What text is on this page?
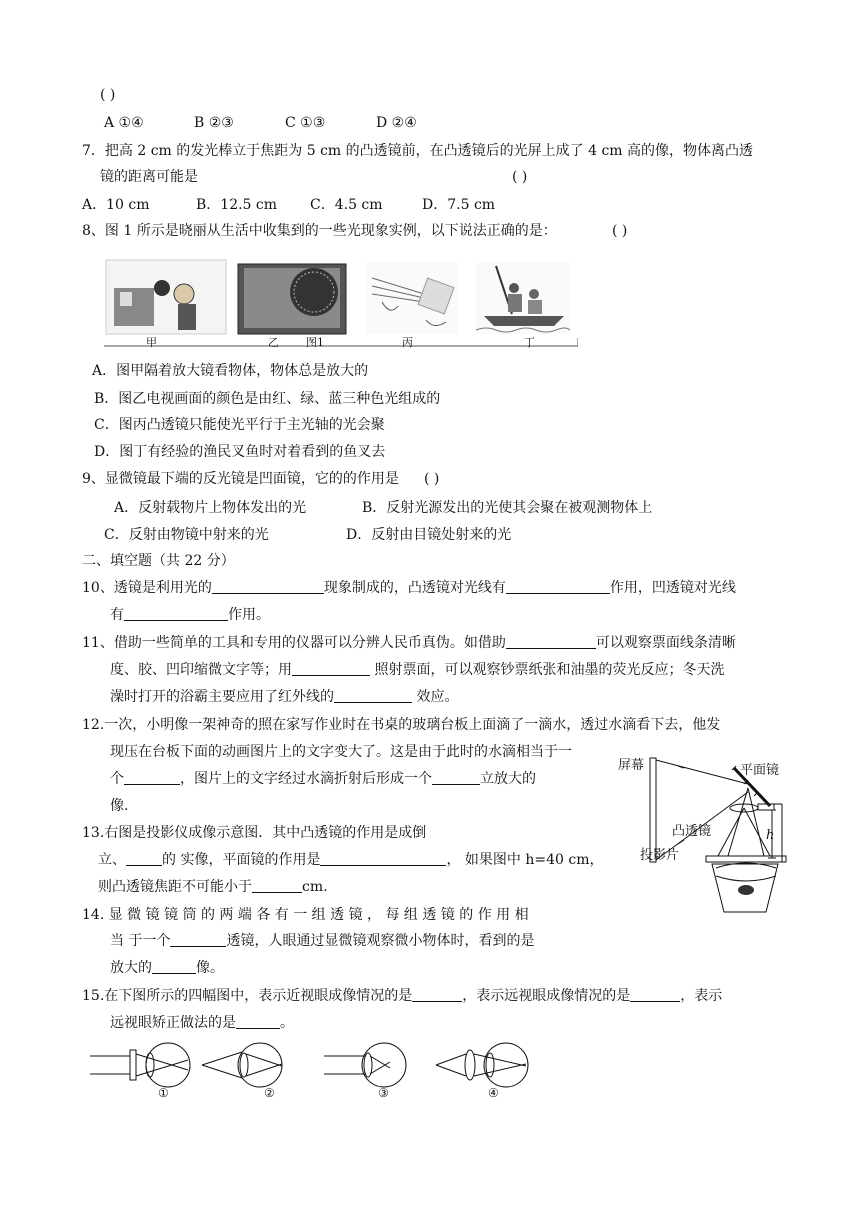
( )
A ①④	B ②③	C ①③	D ②④
7．把高 2 cm 的发光棒立于焦距为 5 cm 的凸透镜前，在凸透镜后的光屏上成了 4 cm 高的像，物体离凸透
镜的距离可能是	( )
A．10 cm	B．12.5 cm C．4.5 cm	D．7.5 cm
8、图 1 所示是晓丽从生活中收集到的一些光现象实例，以下说法正确的是：	( )
甲	乙 图1	丙	丁
A．图甲隔着放大镜看物体，物体总是放大的
B．图乙电视画面的颜色是由红、绿、蓝三种色光组成的
C．图丙凸透镜只能使光平行于主光轴的光会聚
D．图丁有经验的渔民叉鱼时对着看到的鱼叉去
9、显微镜最下端的反光镜是凹面镜，它的的作用是 ( )
A．反射载物片上物体发出的光	B．反射光源发出的光使其会聚在被观测物体上
C．反射由物镜中射来的光	D．反射由目镜处射来的光
二、填空题（共 22 分）
10、透镜是利用光的	现象制成的，凸透镜对光线有	作用，凹透镜对光线
有	作用。
11、借助一些简单的工具和专用的仪器可以分辨人民币真伪。如借助	可以观察票面线条清晰
度、胶、凹印缩微文字等；用	照射票面，可以观察钞票纸张和油墨的荧光反应；冬天洗
澡时打开的浴霸主要应用了红外线的	效应。
12.一次，小明像一架神奇的照在家写作业时在书桌的玻璃台板上面滴了一滴水，透过水滴看下去，他发
现压在台板下面的动画图片上的文字变大了。这是由于此时的水滴相当于一
个	，图片上的文字经过水滴折射后形成一个	立放大的
像.
13.右图是投影仪成像示意图．其中凸透镜的作用是成倒
立、	的 实像，平面镜的作用是	， 如果图中 h=40 cm，
则凸透镜焦距不可能小于	cm.
屏幕	平面镜
凸透镜	h
投影片
14. 显 微 镜 镜 筒 的 两 端 各 有 一 组 透 镜 ， 每 组 透 镜 的 作 用 相
当 于一个	透镜，人眼通过显微镜观察微小物体时，看到的是
放大的	像。
15.在下图所示的四幅图中，表示近视眼成像情况的是	，表示远视眼成像情况的是	，表示
远视眼矫正做法的是	。
①	②	③	④
